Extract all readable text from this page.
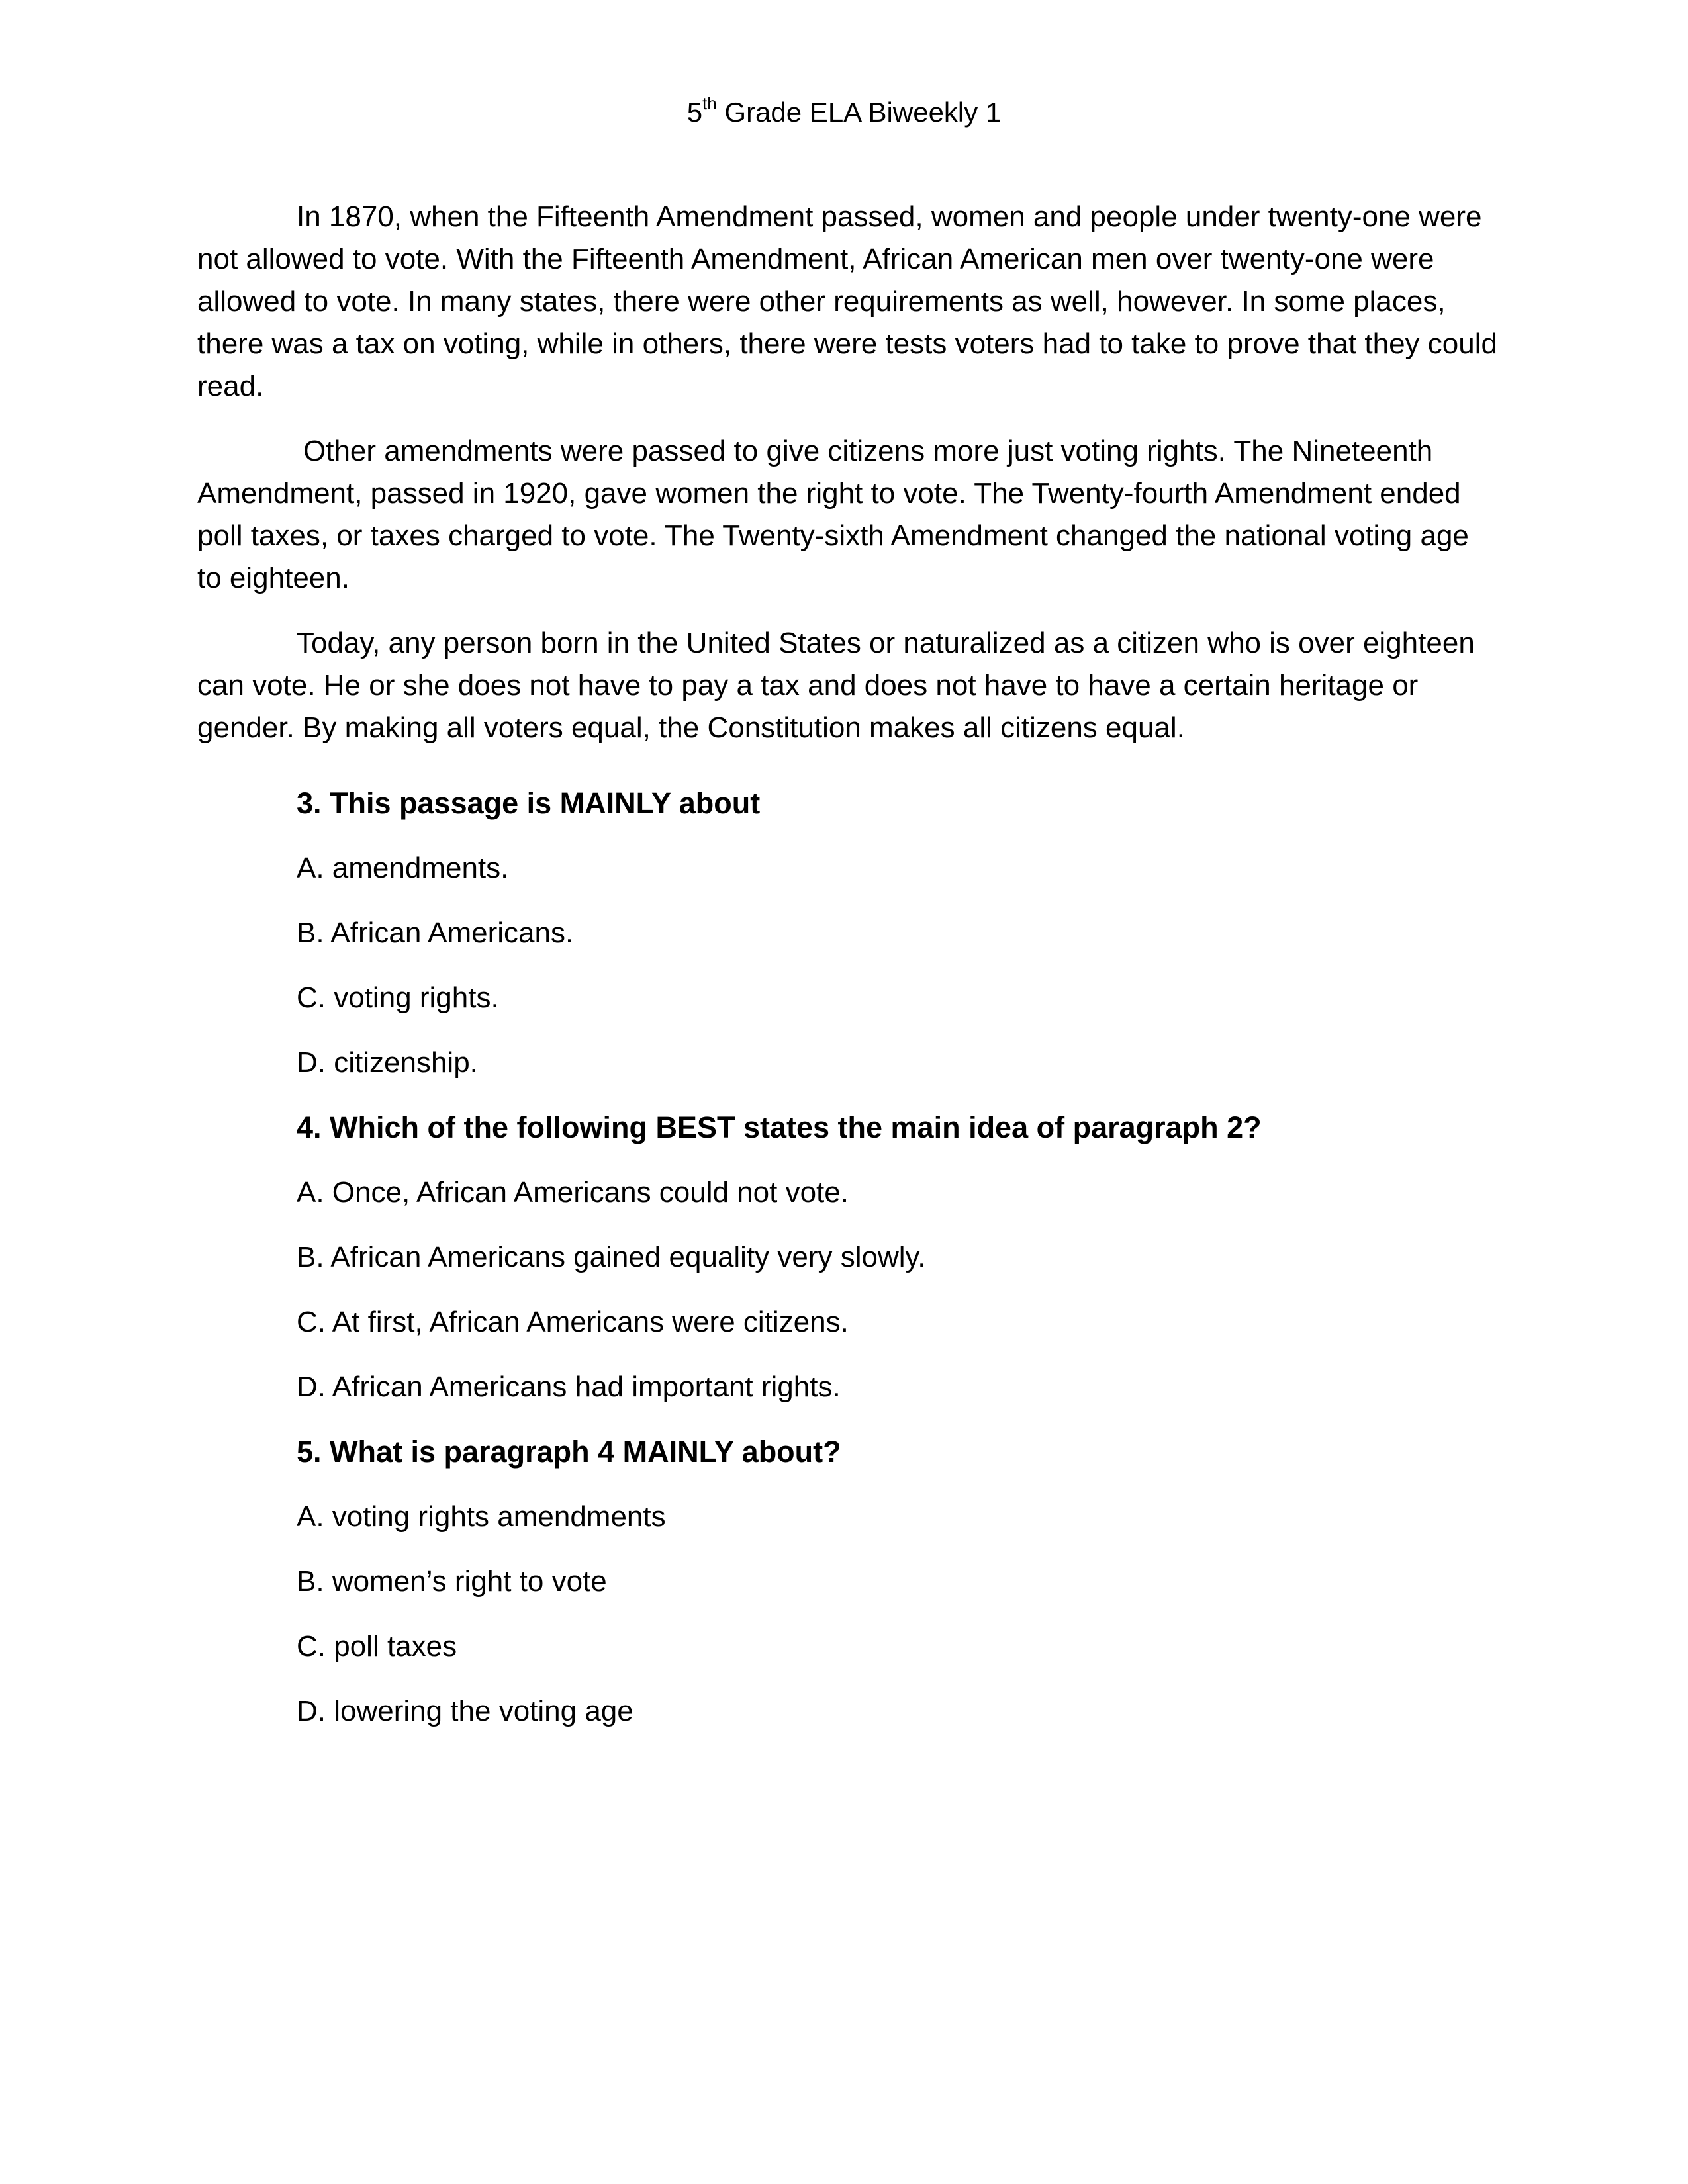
5th Grade ELA Biweekly 1

In 1870, when the Fifteenth Amendment passed, women and people under twenty-one were not allowed to vote. With the Fifteenth Amendment, African American men over twenty-one were allowed to vote. In many states, there were other requirements as well, however. In some places, there was a tax on voting, while in others, there were tests voters had to take to prove that they could read.

Other amendments were passed to give citizens more just voting rights. The Nineteenth Amendment, passed in 1920, gave women the right to vote. The Twenty-fourth Amendment ended poll taxes, or taxes charged to vote. The Twenty-sixth Amendment changed the national voting age to eighteen.

Today, any person born in the United States or naturalized as a citizen who is over eighteen can vote. He or she does not have to pay a tax and does not have to have a certain heritage or gender. By making all voters equal, the Constitution makes all citizens equal.

3. This passage is MAINLY about
A. amendments.
B. African Americans.
C. voting rights.
D. citizenship.
4. Which of the following BEST states the main idea of paragraph 2?
A. Once, African Americans could not vote.
B. African Americans gained equality very slowly.
C. At first, African Americans were citizens.
D. African Americans had important rights.
5. What is paragraph 4 MAINLY about?
A. voting rights amendments
B. women’s right to vote
C. poll taxes
D. lowering the voting age
